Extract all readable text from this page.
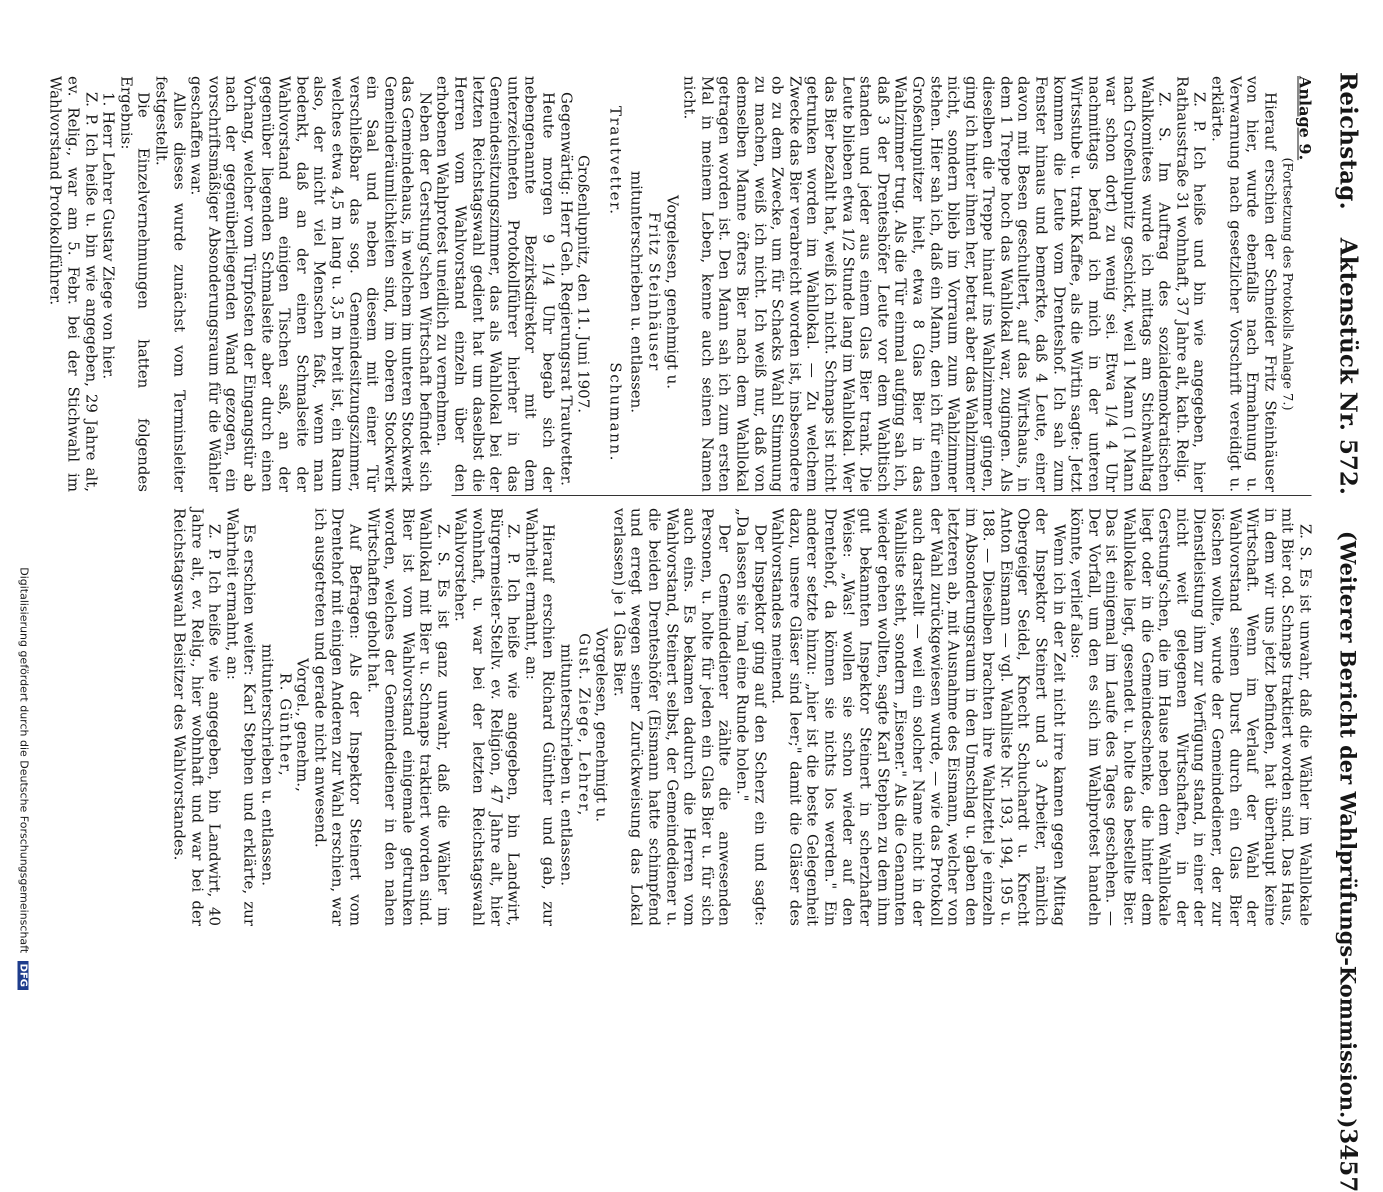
Reichstag.
Aktenstück Nr. 572.
(Weiterer Bericht der Wahlprüfungs-Kommission.)
3457

Anlage 9.

(Fortsetzung des Protokolls Anlage 7.)

Hierauf erschien der Schneider Fritz Steinhäuser von hier, wurde ebenfalls nach Ermahnung u. Verwarnung nach gesetzlicher Vorschrift vereidigt u. erklärte.

Z. P. Ich heiße und bin wie angegeben, hier Rathausstraße 31 wohnhaft, 37 Jahre alt, kath. Relig.

Z. S. Im Auftrag des sozialdemokratischen Wahlkomitees wurde ich mittags am Stichwahltag nach Großenlupnitz geschickt, weil 1 Mann (1 Mann war schon dort) zu wenig sei. Etwa 1/4 4 Uhr nachmittags befand ich mich in der unteren Wirtsstube u. trank Kaffee, als die Wirtin sagte: Jetzt kommen die Leute vom Drenteshof. Ich sah zum Fenster hinaus und bemerkte, daß 4 Leute, einer davon mit Besen geschultert, auf das Wirtshaus, in dem 1 Treppe hoch das Wahllokal war, zugingen. Als dieselben die Treppe hinauf ins Wahlzimmer gingen, ging ich hinter ihnen her, betrat aber das Wahlzimmer nicht, sondern blieb im Vorraum zum Wahlzimmer stehen. Hier sah ich, daß ein Mann, den ich für einen Großenlupnitzer hielt, etwa 8 Glas Bier in das Wahlzimmer trug. Als die Tür einmal aufging sah ich, daß 3 der Drenteshöfer Leute vor dem Wahltisch standen und jeder aus einem Glas Bier trank. Die Leute blieben etwa 1/2 Stunde lang im Wahllokal. Wer das Bier bezahlt hat, weiß ich nicht. Schnaps ist nicht getrunken worden im Wahllokal. — Zu welchem Zwecke das Bier verabreicht worden ist, insbesondere ob zu dem Zwecke, um für Schacks Wahl Stimmung zu machen, weiß ich nicht. Ich weiß nur, daß von demselben Manne öfters Bier nach dem Wahllokal getragen worden ist. Den Mann sah ich zum ersten Mal in meinem Leben, kenne auch seinen Namen nicht.

Vorgelesen, genehmigt u.

Fritz Steinhäuser

mitunterschrieben u. entlassen.

Trautvetter.
Schumann.

Großenlupnitz, den 11. Juni 1907.

Gegenwärtig: Herr Geh. Regierungsrat Trautvetter.

Heute morgen 9 1/4 Uhr begab sich der nebengenannte Bezirksdirektor mit dem unterzeichneten Protokollführer hierher in das Gemeindesitzungszimmer, das als Wahllokal bei der letzten Reichstagswahl gedient hat um daselbst die Herren vom Wahlvorstand einzeln über den erhobenen Wahlprotest uneidlich zu vernehmen.

Neben der Gerstung'schen Wirtschaft befindet sich das Gemeindehaus, in welchem im unteren Stockwerk Gemeinderäumlichkeiten sind, im oberen Stockwerk ein Saal und neben diesem mit einer Tür verschließbar das sog. Gemeindesitzungszimmer, welches etwa 4,5 m lang u. 3,5 m breit ist, ein Raum also, der nicht viel Menschen faßt, wenn man bedenkt, daß an der einen Schmalseite der Wahlvorstand am einigen Tischen saß, an der gegenüber liegenden Schmalseite aber durch einen Vorhang, welcher vom Türpfosten der Eingangstür ab nach der gegenüberliegenden Wand gezogen, ein vorschriftsmäßiger Absonderungsraum für die Wähler geschaffen war.

Alles dieses wurde zunächst vom Terminsleiter festgestellt.

Die Einzelvernehmungen hatten folgendes Ergebnis:

1. Herr Lehrer Gustav Ziege von hier.

Z. P. Ich heiße u. bin wie angegeben, 29 Jahre alt, ev. Relig., war am 5. Febr. bei der Stichwahl im Wahlvorstand Protokollführer.

Z. S. Es ist unwahr, daß die Wähler im Wahllokale mit Bier od. Schnaps traktiert worden sind. Das Haus, in dem wir uns jetzt befinden, hat überhaupt keine Wirtschaft. Wenn im Verlauf der Wahl der Wahlvorstand seinen Durst durch ein Glas Bier löschen wollte, wurde der Gemeindediener, der zur Dienstleistung ihm zur Verfügung stand, in einer der nicht weit gelegenen Wirtschaften, in der Gerstung'schen, die im Hause neben dem Wahllokale liegt oder in die Gemeindeschenke, die hinter dem Wahllokale liegt, gesendet u. holte das bestellte Bier. Das ist einigemal im Laufe des Tages geschehen. — Der Vorfall, um den es sich im Wahlprotest handeln könnte, verlief also:

Wenn ich in der Zeit nicht irre kamen gegen Mittag der Inspektor Steinert und 3 Arbeiter, nämlich Obergeiger Seidel, Knecht Schuchardt u. Knecht Anton Eismann — vgl. Wahlliste Nr. 193, 194, 195 u. 188. — Dieselben brachten ihre Wahlzettel je einzeln im Absonderungsraum in den Umschlag u. gaben den letzteren ab, mit Ausnahme des Eismann, welcher von der Wahl zurückgewiesen wurde, — wie das Protokoll auch darstellt — weil ein solcher Name nicht in der Wahlliste steht, sondern „Eisener." Als die Genannten wieder gehen wollten, sagte Karl Stephen zu dem ihm gut bekannten Inspektor Steinert in scherzhafter Weise: „Was! wollen sie schon wieder auf den Drentehof, da können sie nichts los werden." Ein anderer setzte hinzu: „hier ist die beste Gelegenheit dazu, unsere Gläser sind leer;" damit die Gläser des Wahlvorstandes meinend.

Der Inspektor ging auf den Scherz ein und sagte: „Da lassen sie 'mal eine Runde holen."

Der Gemeindediener zählte die anwesenden Personen, u. holte für jeden ein Glas Bier u. für sich auch eins. Es bekamen dadurch die Herren vom Wahlvorstand, Steinert selbst, der Gemeindediener u. die beiden Drenteshöfer (Eismann hatte schimpfend und erregt wegen seiner Zurückweisung das Lokal verlassen) je 1 Glas Bier.

Vorgelesen, genehmigt u.

Gust. Ziege, Lehrer,

mitunterschrieben u. entlassen.

Hierauf erschien Richard Günther und gab, zur Wahrheit ermahnt, an:

Z. P. Ich heiße wie angegeben, bin Landwirt, Bürgermeister-Stellv. ev. Religion, 47 Jahre alt, hier wohnhaft, u. war bei der letzten Reichstagswahl Wahlvorsteher.

Z. S. Es ist ganz unwahr, daß die Wähler im Wahllokal mit Bier u. Schnaps traktiert worden sind. Bier ist vom Wahlvorstand einigemale getrunken worden, welches der Gemeindediener in den nahen Wirtschaften geholt hat.

Auf Befragen: Als der Inspektor Steinert vom Drentehof mit einigen Anderen zur Wahl erschien, war ich ausgetreten und gerade nicht anwesend.

Vorgel., genehm.,

R. Günther,

mitunterschrieben u. entlassen.

Es erschien weiter: Karl Stephen und erklärte, zur Wahrheit ermahnt, an:

Z. P. Ich heiße wie angegeben, bin Landwirt, 40 Jahre alt, ev. Relig., hier wohnhaft und war bei der Reichstagswahl Beisitzer des Wahlvorstandes.

Digitalisierung gefördert durch die Deutsche Forschungsgemeinschaft DFG
